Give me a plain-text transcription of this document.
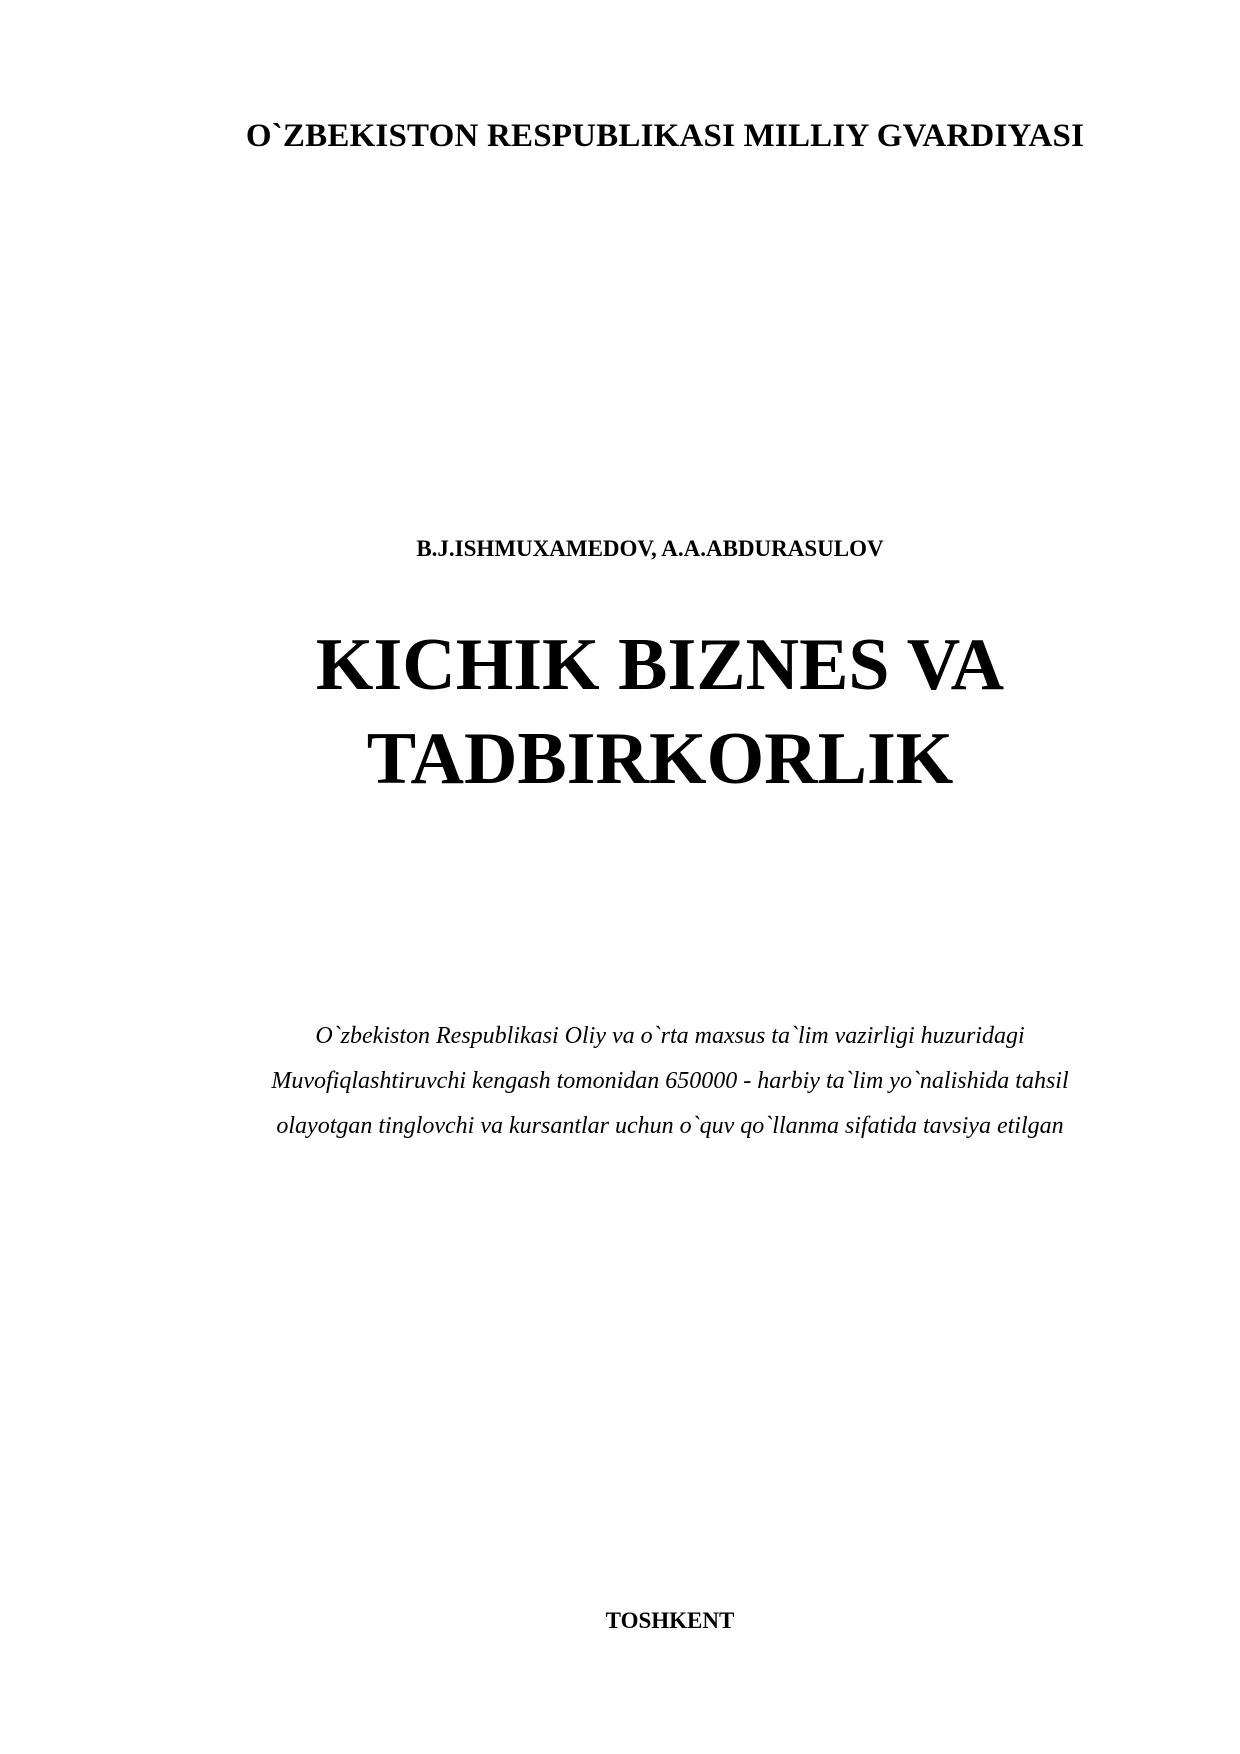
O`ZBEKISTON RESPUBLIKASI MILLIY GVARDIYASI
B.J.ISHMUXAMEDOV, A.A.ABDURASULOV
KICHIK BIZNES VA
TADBIRKORLIK
O`zbekiston Respublikasi Oliy va o`rta maxsus ta`lim vazirligi huzuridagi
Muvofiqlashtiruvchi kengash tomonidan 650000 - harbiy ta`lim yo`nalishida tahsil
olayotgan tinglovchi va kursantlar uchun o`quv qo`llanma sifatida tavsiya etilgan
TOSHKENT
